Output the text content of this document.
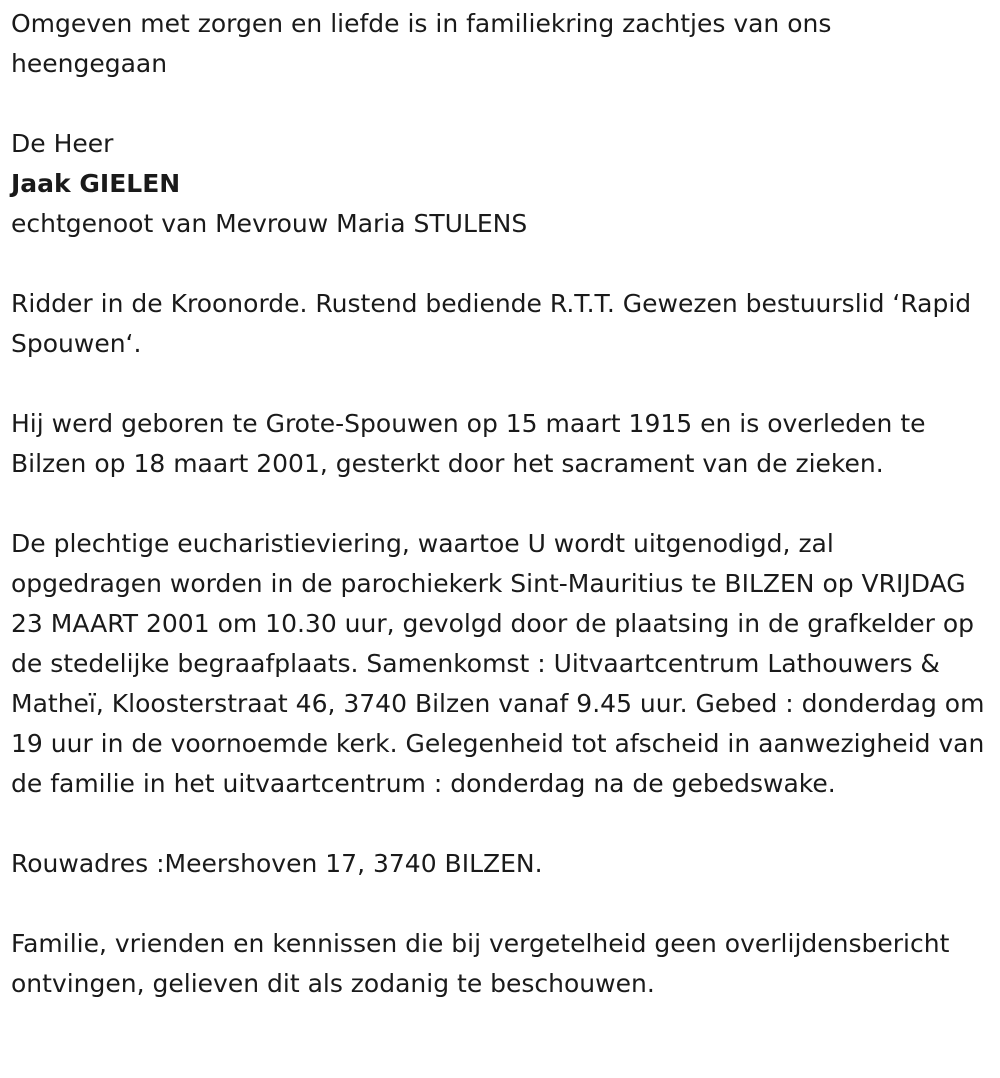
Omgeven met zorgen en liefde is in familiekring zachtjes van ons heengegaan

De Heer

Jaak GIELEN

echtgenoot van Mevrouw Maria STULENS

Ridder in de Kroonorde. Rustend bediende R.T.T. Gewezen bestuurslid ‘Rapid Spouwen‘.

Hij werd geboren te Grote-Spouwen op 15 maart 1915 en is overleden te Bilzen op 18 maart 2001, gesterkt door het sacrament van de zieken.

De plechtige eucharistieviering, waartoe U wordt uitgenodigd, zal opgedragen worden in de parochiekerk Sint-Mauritius te BILZEN op VRIJDAG 23 MAART 2001 om 10.30 uur, gevolgd door de plaatsing in de grafkelder op de stedelijke begraafplaats. Samenkomst : Uitvaartcentrum Lathouwers & Matheï, Kloosterstraat 46, 3740 Bilzen vanaf 9.45 uur. Gebed : donderdag om 19 uur in de voornoemde kerk. Gelegenheid tot afscheid in aanwezigheid van de familie in het uitvaartcentrum : donderdag na de gebedswake.

Rouwadres :Meershoven 17, 3740 BILZEN.

Familie, vrienden en kennissen die bij vergetelheid geen overlijdensbericht ontvingen, gelieven dit als zodanig te beschouwen.
